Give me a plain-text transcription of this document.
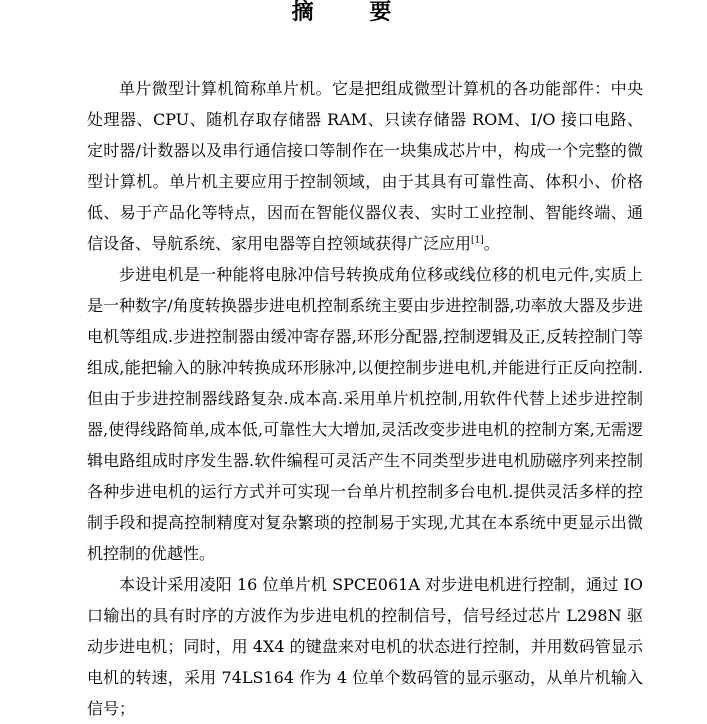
摘 要

单片微型计算机简称单片机。它是把组成微型计算机的各功能部件：中央处理器、CPU、随机存取存储器 RAM、只读存储器 ROM、I/O 接口电路、定时器/计数器以及串行通信接口等制作在一块集成芯片中，构成一个完整的微型计算机。单片机主要应用于控制领域，由于其具有可靠性高、体积小、价格低、易于产品化等特点，因而在智能仪器仪表、实时工业控制、智能终端、通信设备、导航系统、家用电器等自控领域获得广泛应用[1]。

步进电机是一种能将电脉冲信号转换成角位移或线位移的机电元件,实质上是一种数字/角度转换器步进电机控制系统主要由步进控制器,功率放大器及步进电机等组成.步进控制器由缓冲寄存器,环形分配器,控制逻辑及正,反转控制门等组成,能把输入的脉冲转换成环形脉冲,以便控制步进电机,并能进行正反向控制.但由于步进控制器线路复杂.成本高.采用单片机控制,用软件代替上述步进控制器,使得线路简单,成本低,可靠性大大增加,灵活改变步进电机的控制方案,无需逻辑电路组成时序发生器.软件编程可灵活产生不同类型步进电机励磁序列来控制各种步进电机的运行方式并可实现一台单片机控制多台电机.提供灵活多样的控制手段和提高控制精度对复杂繁琐的控制易于实现,尤其在本系统中更显示出微机控制的优越性。

本设计采用凌阳 16 位单片机 SPCE061A 对步进电机进行控制，通过 IO 口输出的具有时序的方波作为步进电机的控制信号，信号经过芯片 L298N 驱动步进电机；同时，用 4X4 的键盘来对电机的状态进行控制，并用数码管显示电机的转速，采用 74LS164 作为 4 位单个数码管的显示驱动，从单片机输入信号；
